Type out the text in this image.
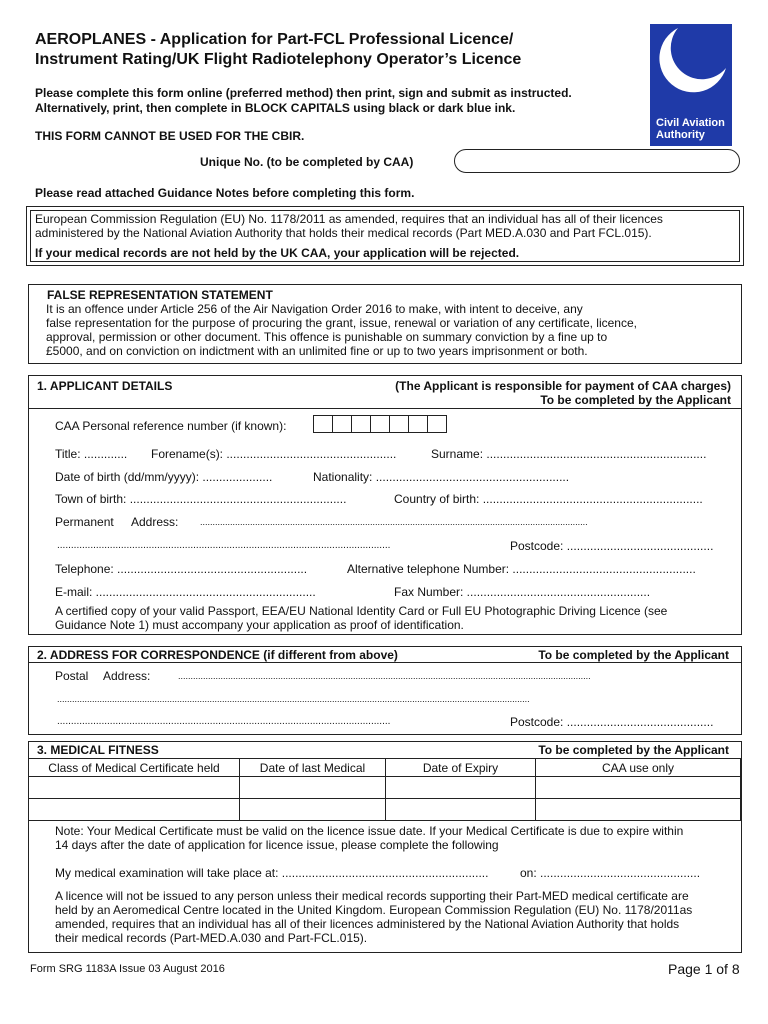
AEROPLANES - Application for Part-FCL Professional Licence/
Instrument Rating/UK Flight Radiotelephony Operator’s Licence
Civil Aviation
Authority
Please complete this form online (preferred method) then print, sign and submit as instructed.
Alternatively, print, then complete in BLOCK CAPITALS using black or dark blue ink.
THIS FORM CANNOT BE USED FOR THE CBIR.
Unique No. (to be completed by CAA)
Please read attached Guidance Notes before completing this form.
European Commission Regulation (EU) No. 1178/2011 as amended, requires that an individual has all of their licences
administered by the National Aviation Authority that holds their medical records (Part MED.A.030 and Part FCL.015).
If your medical records are not held by the UK CAA, your application will be rejected.
FALSE REPRESENTATION STATEMENT
It is an offence under Article 256 of the Air Navigation Order 2016 to make, with intent to deceive, any
false representation for the purpose of procuring the grant, issue, renewal or variation of any certificate, licence,
approval, permission or other document. This offence is punishable on summary conviction by a fine up to
£5000, and on conviction on indictment with an unlimited fine or up to two years imprisonment or both.
1. APPLICANT DETAILS	(The Applicant is responsible for payment of CAA charges)
To be completed by the Applicant
CAA Personal reference number (if known):
Title: ............. Forename(s): ...................................................	Surname: ..................................................................
Date of birth (dd/mm/yyyy): .....................	Nationality: ..........................................................
Town of birth: .................................................................	Country of birth: ..................................................................
Permanent Address: ...........................................................................................................................................................
........................................................................................................................	Postcode: ............................................
Telephone: .........................................................	Alternative telephone Number: .......................................................
E-mail: ..................................................................	Fax Number: .......................................................
A certified copy of your valid Passport, EEA/EU National Identity Card or Full EU Photographic Driving Licence (see
Guidance Note 1) must accompany your application as proof of identification.
2. ADDRESS FOR CORRESPONDENCE (if different from above)	To be completed by the Applicant
Postal Address:	.....................................................................................................................................................................
.............................................................................................................................................................................................
........................................................................................................................	Postcode: ............................................
3. MEDICAL FITNESS	To be completed by the Applicant
Class of Medical Certificate held	Date of last Medical	Date of Expiry	CAA use only

Note: Your Medical Certificate must be valid on the licence issue date. If your Medical Certificate is due to expire within
14 days after the date of application for licence issue, please complete the following
My medical examination will take place at: ..............................................................	on: ................................................
A licence will not be issued to any person unless their medical records supporting their Part-MED medical certificate are
held by an Aeromedical Centre located in the United Kingdom. European Commission Regulation (EU) No. 1178/2011as
amended, requires that an individual has all of their licences administered by the National Aviation Authority that holds
their medical records (Part-MED.A.030 and Part-FCL.015).
Form SRG 1183A Issue 03 August 2016	Page 1 of 8
